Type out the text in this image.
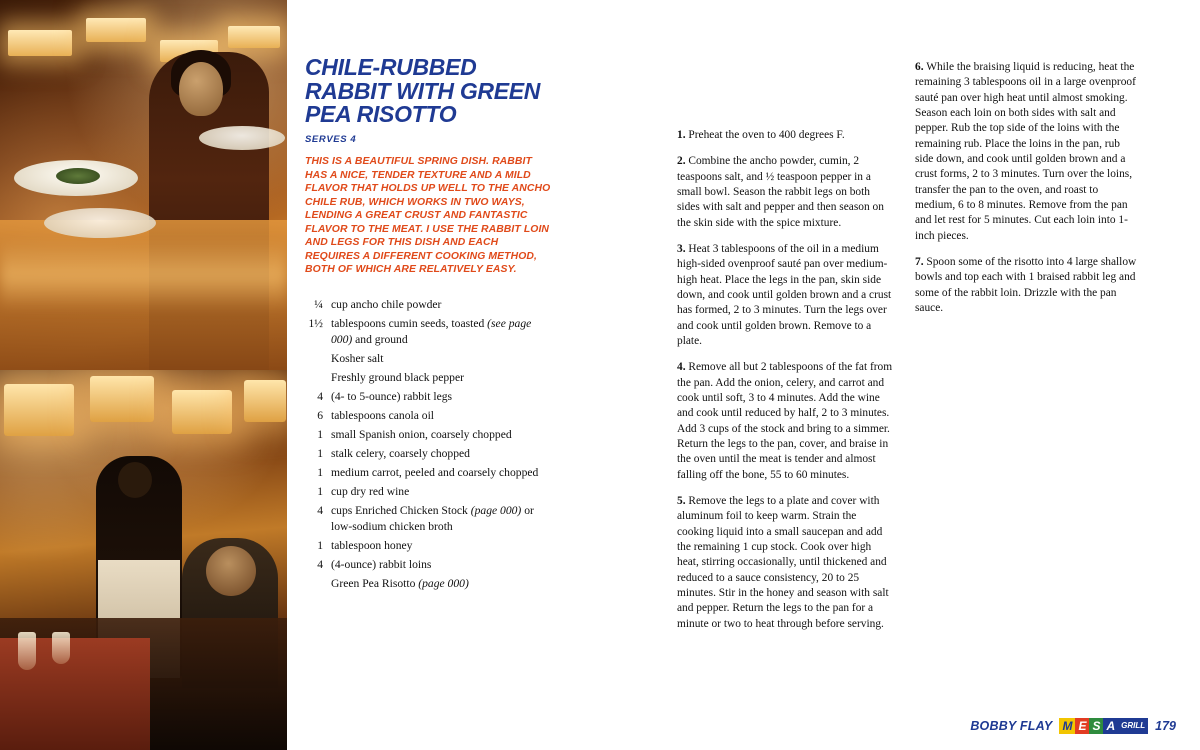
CHILE-RUBBED RABBIT WITH GREEN PEA RISOTTO
SERVES 4

THIS IS A BEAUTIFUL SPRING DISH. RABBIT HAS A NICE, TENDER TEXTURE AND A MILD FLAVOR THAT HOLDS UP WELL TO THE ANCHO CHILE RUB, WHICH WORKS IN TWO WAYS, LENDING A GREAT CRUST AND FANTASTIC FLAVOR TO THE MEAT. I USE THE RABBIT LOIN AND LEGS FOR THIS DISH AND EACH REQUIRES A DIFFERENT COOKING METHOD, BOTH OF WHICH ARE RELATIVELY EASY.

¼ cup ancho chile powder
1½ tablespoons cumin seeds, toasted (see page 000) and ground
Kosher salt
Freshly ground black pepper
4 (4- to 5-ounce) rabbit legs
6 tablespoons canola oil
1 small Spanish onion, coarsely chopped
1 stalk celery, coarsely chopped
1 medium carrot, peeled and coarsely chopped
1 cup dry red wine
4 cups Enriched Chicken Stock (page 000) or low-sodium chicken broth
1 tablespoon honey
4 (4-ounce) rabbit loins
Green Pea Risotto (page 000)

1. Preheat the oven to 400 degrees F.

2. Combine the ancho powder, cumin, 2 teaspoons salt, and ½ teaspoon pepper in a small bowl. Season the rabbit legs on both sides with salt and pepper and then season on the skin side with the spice mixture.

3. Heat 3 tablespoons of the oil in a medium high-sided ovenproof sauté pan over medium-high heat. Place the legs in the pan, skin side down, and cook until golden brown and a crust has formed, 2 to 3 minutes. Turn the legs over and cook until golden brown. Remove to a plate.

4. Remove all but 2 tablespoons of the fat from the pan. Add the onion, celery, and carrot and cook until soft, 3 to 4 minutes. Add the wine and cook until reduced by half, 2 to 3 minutes. Add 3 cups of the stock and bring to a simmer. Return the legs to the pan, cover, and braise in the oven until the meat is tender and almost falling off the bone, 55 to 60 minutes.

5. Remove the legs to a plate and cover with aluminum foil to keep warm. Strain the cooking liquid into a small saucepan and add the remaining 1 cup stock. Cook over high heat, stirring occasionally, until thickened and reduced to a sauce consistency, 20 to 25 minutes. Stir in the honey and season with salt and pepper. Return the legs to the pan for a minute or two to heat through before serving.

6. While the braising liquid is reducing, heat the remaining 3 tablespoons oil in a large ovenproof sauté pan over high heat until almost smoking. Season each loin on both sides with salt and pepper. Rub the top side of the loins with the remaining rub. Place the loins in the pan, rub side down, and cook until golden brown and a crust forms, 2 to 3 minutes. Turn over the loins, transfer the pan to the oven, and roast to medium, 6 to 8 minutes. Remove from the pan and let rest for 5 minutes. Cut each loin into 1-inch pieces.

7. Spoon some of the risotto into 4 large shallow bowls and top each with 1 braised rabbit leg and some of the rabbit loin. Drizzle with the pan sauce.

BOBBY FLAY M E S A GRILL 179
